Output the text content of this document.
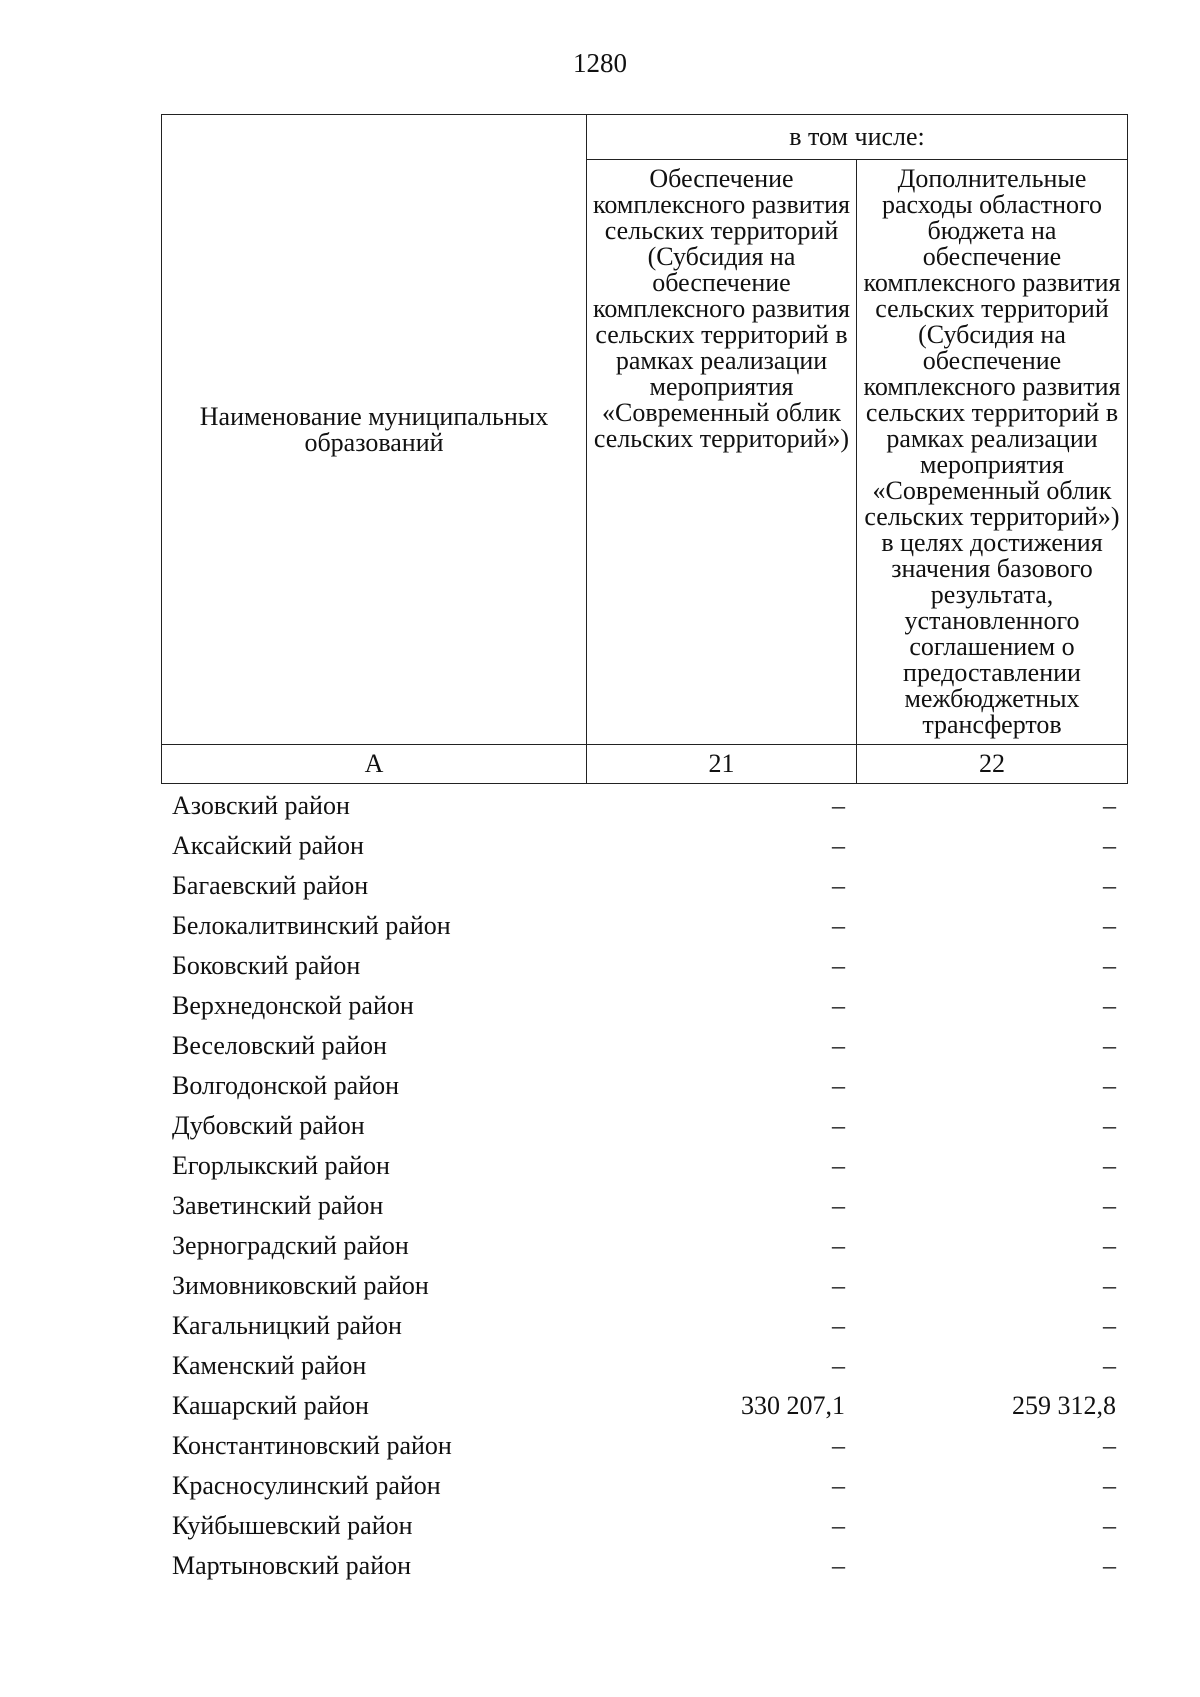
1280
Наименование муниципальных образований	в том числе:	
	Обеспечение комплексного развития сельских территорий (Субсидия на обеспечение комплексного развития сельских территорий в рамках реализации мероприятия «Современный облик сельских территорий»)	Дополнительные расходы областного бюджета на обеспечение комплексного развития сельских территорий (Субсидия на обеспечение комплексного развития сельских территорий в рамках реализации мероприятия «Современный облик сельских территорий») в целях достижения значения базового результата, установленного соглашением о предоставлении межбюджетных трансфертов
А	21	22
Азовский район	–	–
Аксайский район	–	–
Багаевский район	–	–
Белокалитвинский район	–	–
Боковский район	–	–
Верхнедонской район	–	–
Веселовский район	–	–
Волгодонской район	–	–
Дубовский район	–	–
Егорлыкский район	–	–
Заветинский район	–	–
Зерноградский район	–	–
Зимовниковский район	–	–
Кагальницкий район	–	–
Каменский район	–	–
Кашарский район	330 207,1	259 312,8
Константиновский район	–	–
Красносулинский район	–	–
Куйбышевский район	–	–
Мартыновский район	–	–
